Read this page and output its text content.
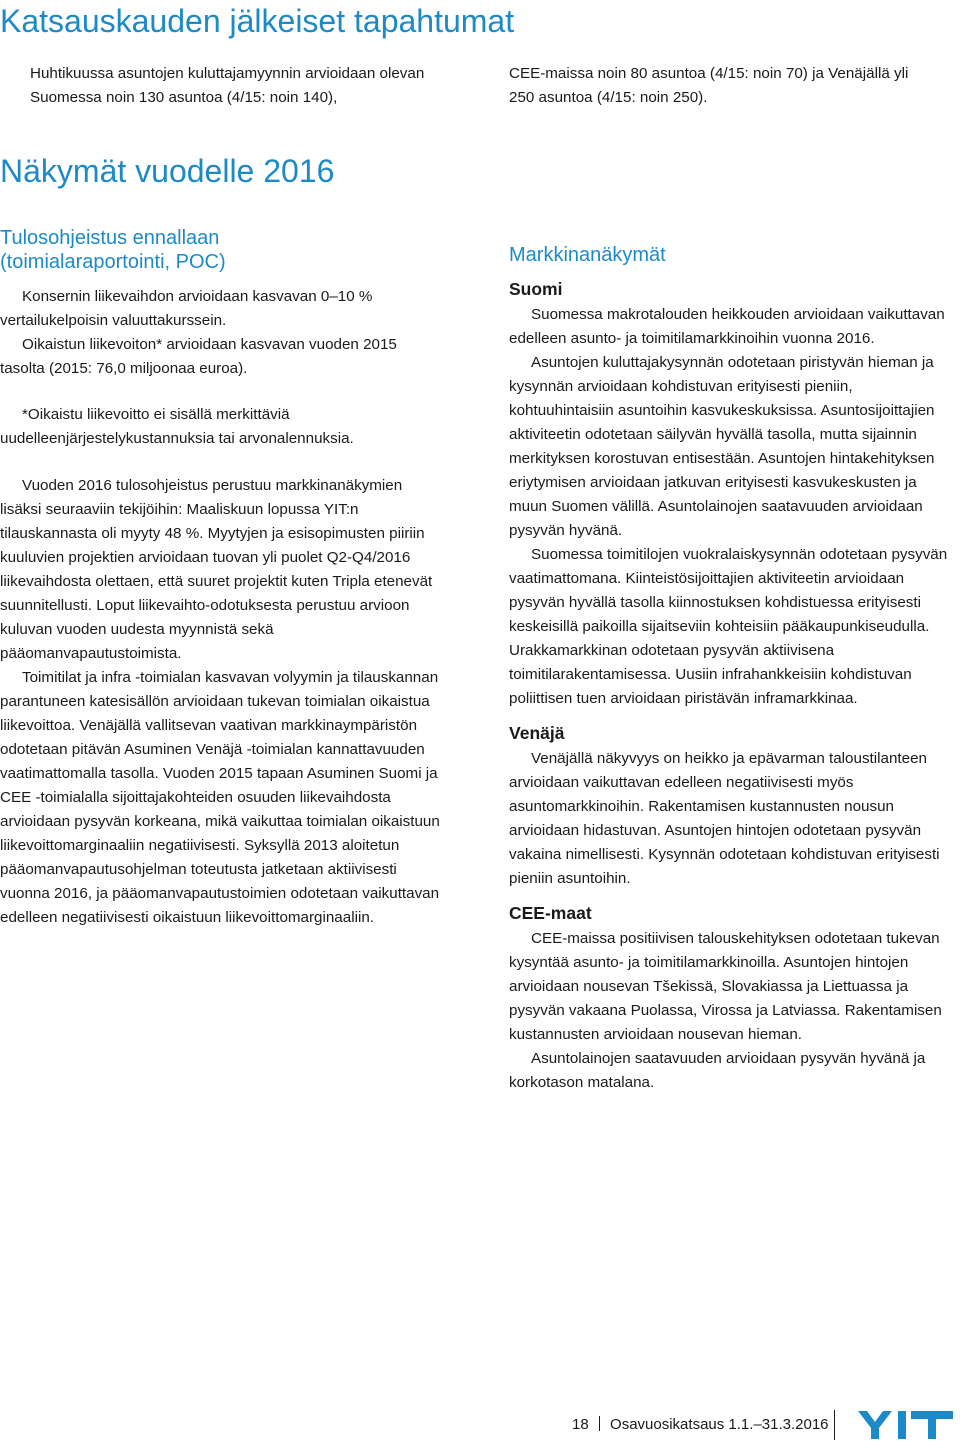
Katsauskauden jälkeiset tapahtumat

Huhtikuussa asuntojen kuluttajamyynnin arvioidaan olevan Suomessa noin 130 asuntoa (4/15: noin 140),

CEE-maissa noin 80 asuntoa (4/15: noin 70) ja Venäjällä yli 250 asuntoa (4/15: noin 250).

Näkymät vuodelle 2016
Tulosohjeistus ennallaan (toimialaraportointi, POC)

Konsernin liikevaihdon arvioidaan kasvavan 0–10 % vertailukelpoisin valuuttakurssein.

Oikaistun liikevoiton* arvioidaan kasvavan vuoden 2015 tasolta (2015: 76,0 miljoonaa euroa).

*Oikaistu liikevoitto ei sisällä merkittäviä uudelleenjärjestelykustannuksia tai arvonalennuksia.

Vuoden 2016 tulosohjeistus perustuu markkinanäkymien lisäksi seuraaviin tekijöihin: Maaliskuun lopussa YIT:n tilauskannasta oli myyty 48 %. Myytyjen ja esisopimusten piiriin kuuluvien projektien arvioidaan tuovan yli puolet Q2-Q4/2016 liikevaihdosta olettaen, että suuret projektit kuten Tripla etenevät suunnitellusti. Loput liikevaihto-odotuksesta perustuu arvioon kuluvan vuoden uudesta myynnistä sekä pääomanvapautustoimista.

Toimitilat ja infra -toimialan kasvavan volyymin ja tilauskannan parantuneen katesisällön arvioidaan tukevan toimialan oikaistua liikevoittoa. Venäjällä vallitsevan vaativan markkinaympäristön odotetaan pitävän Asuminen Venäjä -toimialan kannattavuuden vaatimattomalla tasolla. Vuoden 2015 tapaan Asuminen Suomi ja CEE -toimialalla sijoittajakohteiden osuuden liikevaihdosta arvioidaan pysyvän korkeana, mikä vaikuttaa toimialan oikaistuun liikevoittomarginaaliin negatiivisesti. Syksyllä 2013 aloitetun pääomanvapautusohjelman toteutusta jatketaan aktiivisesti vuonna 2016, ja pääomanvapautustoimien odotetaan vaikuttavan edelleen negatiivisesti oikaistuun liikevoittomarginaaliin.

Markkinanäkymät
Suomi

Suomessa makrotalouden heikkouden arvioidaan vaikuttavan edelleen asunto- ja toimitilamarkkinoihin vuonna 2016.

Asuntojen kuluttajakysynnän odotetaan piristyvän hieman ja kysynnän arvioidaan kohdistuvan erityisesti pieniin, kohtuuhintaisiin asuntoihin kasvukeskuksissa. Asuntosijoittajien aktiviteetin odotetaan säilyvän hyvällä tasolla, mutta sijainnin merkityksen korostuvan entisestään. Asuntojen hintakehityksen eriytymisen arvioidaan jatkuvan erityisesti kasvukeskusten ja muun Suomen välillä. Asuntolainojen saatavuuden arvioidaan pysyvän hyvänä.

Suomessa toimitilojen vuokralaiskysynnän odotetaan pysyvän vaatimattomana. Kiinteistösijoittajien aktiviteetin arvioidaan pysyvän hyvällä tasolla kiinnostuksen kohdistuessa erityisesti keskeisillä paikoilla sijaitseviin kohteisiin pääkaupunkiseudulla. Urakkamarkkinan odotetaan pysyvän aktiivisena toimitilarakentamisessa. Uusiin infrahankkeisiin kohdistuvan poliittisen tuen arvioidaan piristävän inframarkkinaa.

Venäjä

Venäjällä näkyvyys on heikko ja epävarman taloustilanteen arvioidaan vaikuttavan edelleen negatiivisesti myös asuntomarkkinoihin. Rakentamisen kustannusten nousun arvioidaan hidastuvan. Asuntojen hintojen odotetaan pysyvän vakaina nimellisesti. Kysynnän odotetaan kohdistuvan erityisesti pieniin asuntoihin.

CEE-maat

CEE-maissa positiivisen talouskehityksen odotetaan tukevan kysyntää asunto- ja toimitilamarkkinoilla. Asuntojen hintojen arvioidaan nousevan Tšekissä, Slovakiassa ja Liettuassa ja pysyvän vakaana Puolassa, Virossa ja Latviassa. Rakentamisen kustannusten arvioidaan nousevan hieman.

Asuntolainojen saatavuuden arvioidaan pysyvän hyvänä ja korkotason matalana.

18 Osavuosikatsaus 1.1.–31.3.2016
